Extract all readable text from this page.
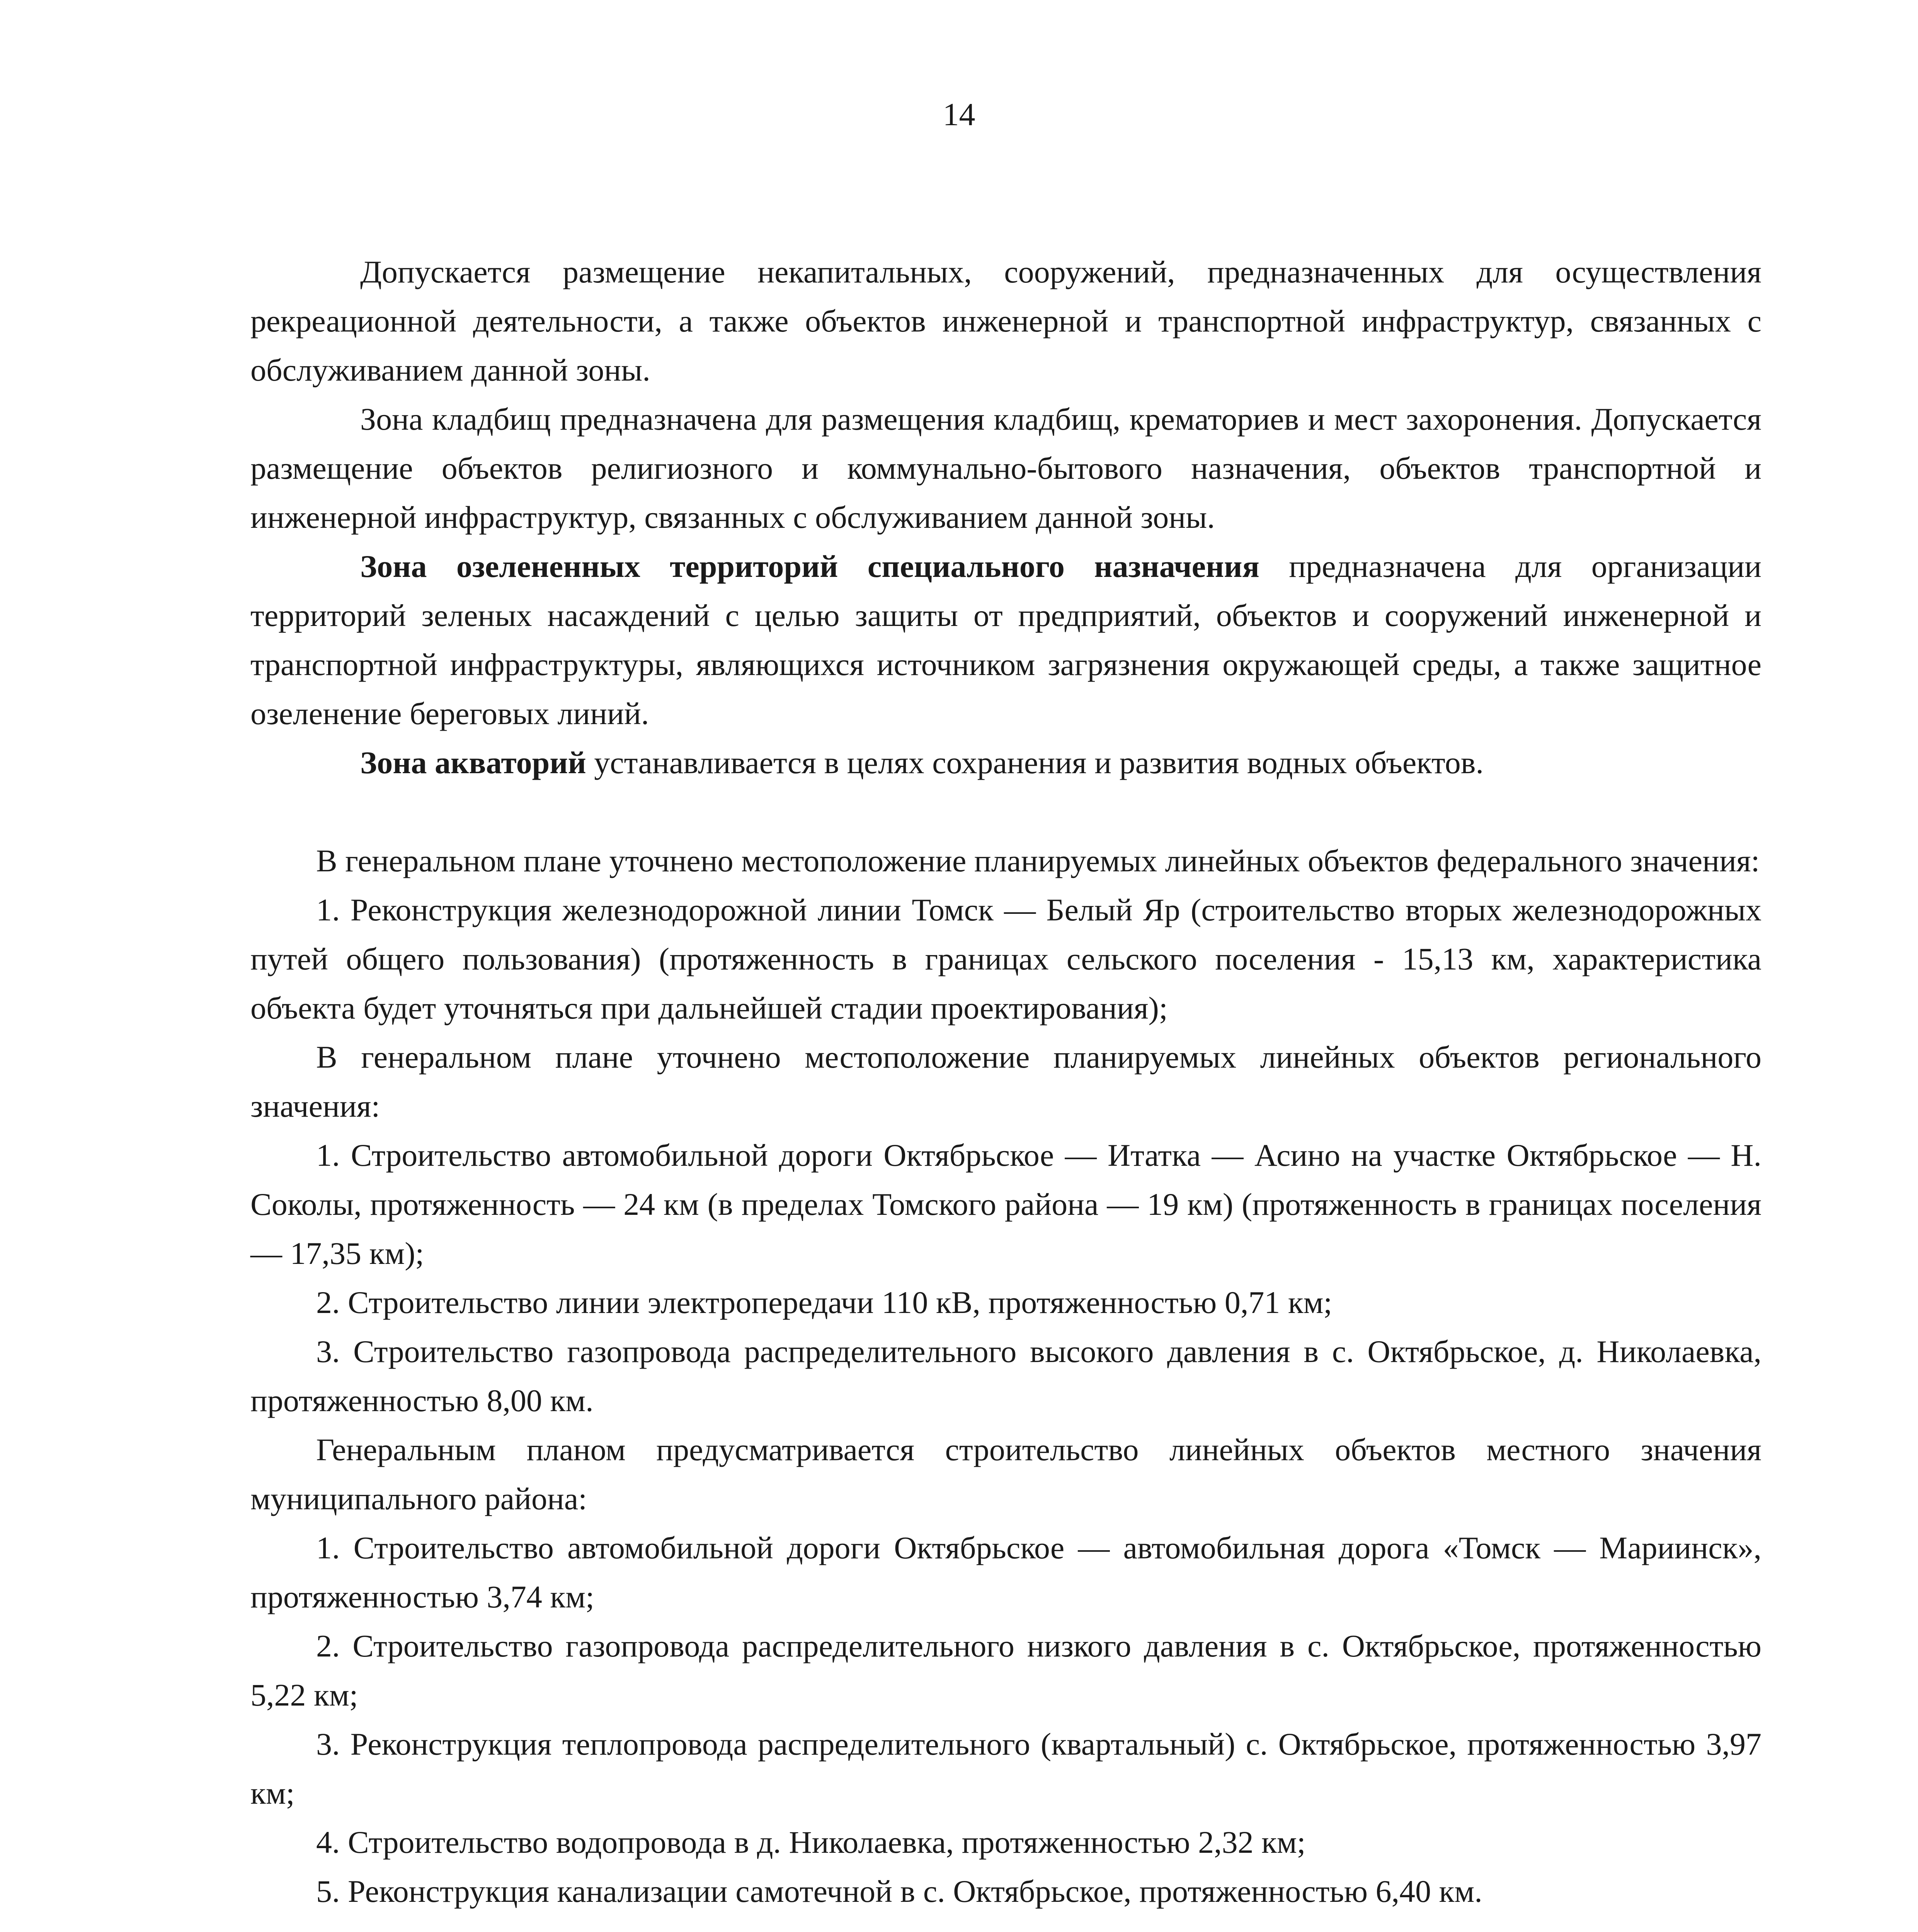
14

Допускается размещение некапитальных, сооружений, предназначенных для осуществления рекреационной деятельности, а также объектов инженерной и транспортной инфраструктур, связанных с обслуживанием данной зоны.

Зона кладбищ предназначена для размещения кладбищ, крематориев и мест захоронения. Допускается размещение объектов религиозного и коммунально-бытового назначения, объектов транспортной и инженерной инфраструктур, связанных с обслуживанием данной зоны.

Зона озелененных территорий специального назначения предназначена для организации территорий зеленых насаждений с целью защиты от предприятий, объектов и сооружений инженерной и транспортной инфраструктуры, являющихся источником загрязнения окружающей среды, а также защитное озеленение береговых линий.

Зона акваторий устанавливается в целях сохранения и развития водных объектов.

В генеральном плане уточнено местоположение планируемых линейных объектов федерального значения:

1. Реконструкция железнодорожной линии Томск — Белый Яр (строительство вторых железнодорожных путей общего пользования) (протяженность в границах сельского поселения - 15,13 км, характеристика объекта будет уточняться при дальнейшей стадии проектирования);

В генеральном плане уточнено местоположение планируемых линейных объектов регионального значения:

1. Строительство автомобильной дороги Октябрьское — Итатка — Асино на участке Октябрьское — Н. Соколы, протяженность — 24 км (в пределах Томского района — 19 км) (протяженность в границах поселения — 17,35 км);

2. Строительство линии электропередачи 110 кВ, протяженностью 0,71 км;

3. Строительство газопровода распределительного высокого давления в с. Октябрьское, д. Николаевка, протяженностью 8,00 км.

Генеральным планом предусматривается строительство линейных объектов местного значения муниципального района:

1. Строительство автомобильной дороги Октябрьское — автомобильная дорога «Томск — Мариинск», протяженностью 3,74 км;

2. Строительство газопровода распределительного низкого давления в с. Октябрьское, протяженностью 5,22 км;

3. Реконструкция теплопровода распределительного (квартальный) с. Октябрьское, протяженностью 3,97 км;

4. Строительство водопровода в д. Николаевка, протяженностью 2,32 км;

5. Реконструкция канализации самотечной в с. Октябрьское, протяженностью 6,40 км.
